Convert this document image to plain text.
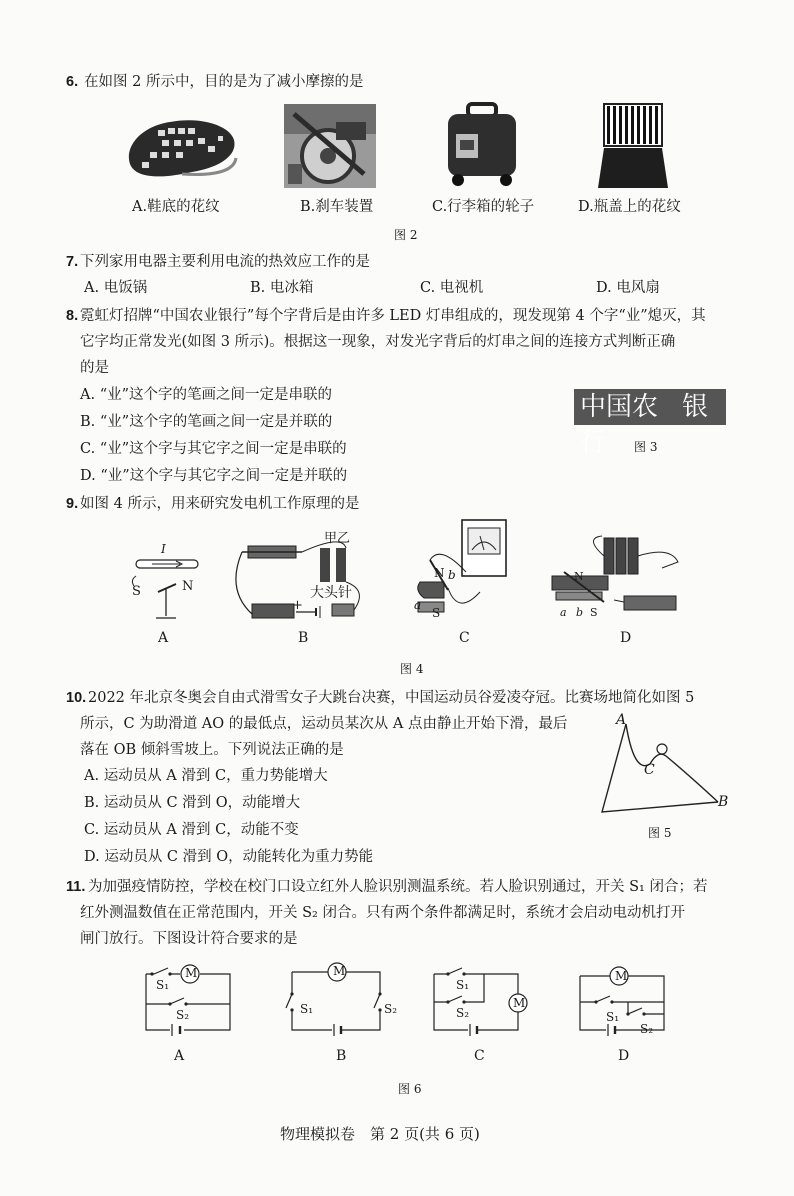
6. 在如图 2 所示中，目的是为了减小摩擦的是
A.鞋底的花纹	B.刹车装置	C.行李箱的轮子	D.瓶盖上的花纹
图 2
7. 下列家用电器主要利用电流的热效应工作的是
A. 电饭锅	B. 电冰箱	C. 电视机	D. 电风扇
8. 霓虹灯招牌“中国农业银行”每个字背后是由许多 LED 灯串组成的，现发现第 4 个字“业”熄灭，其
它字均正常发光(如图 3 所示)。根据这一现象，对发光字背后的灯串之间的连接方式判断正确
的是
A. “业”这个字的笔画之间一定是串联的
B. “业”这个字的笔画之间一定是并联的
C. “业”这个字与其它字之间一定是串联的
D. “业”这个字与其它字之间一定是并联的
中国农 银行	图 3
9. 如图 4 所示，用来研究发电机工作原理的是
I
S	N
A
甲乙
大头针
+
B
N b
a
S
C
N
a b S
D
图 4
10. 2022 年北京冬奥会自由式滑雪女子大跳台决赛，中国运动员谷爱凌夺冠。比赛场地简化如图 5
所示，C 为助滑道 AO 的最低点，运动员某次从 A 点由静止开始下滑，最后
落在 OB 倾斜雪坡上。下列说法正确的是
A. 运动员从 A 滑到 C，重力势能增大
B. 运动员从 C 滑到 O，动能增大
C. 运动员从 A 滑到 C，动能不变
D. 运动员从 C 滑到 O，动能转化为重力势能
A
C
B
图 5
11. 为加强疫情防控，学校在校门口设立红外人脸识别测温系统。若人脸识别通过，开关 S₁ 闭合；若
红外测温数值在正常范围内，开关 S₂ 闭合。只有两个条件都满足时，系统才会启动电动机打开
闸门放行。下图设计符合要求的是
M
S₁
S₂
A
M
S₁	S₂
B
S₁
S₂
M
C
M
S₁
S₂
D
图 6
物理模拟卷　第 2 页(共 6 页)
